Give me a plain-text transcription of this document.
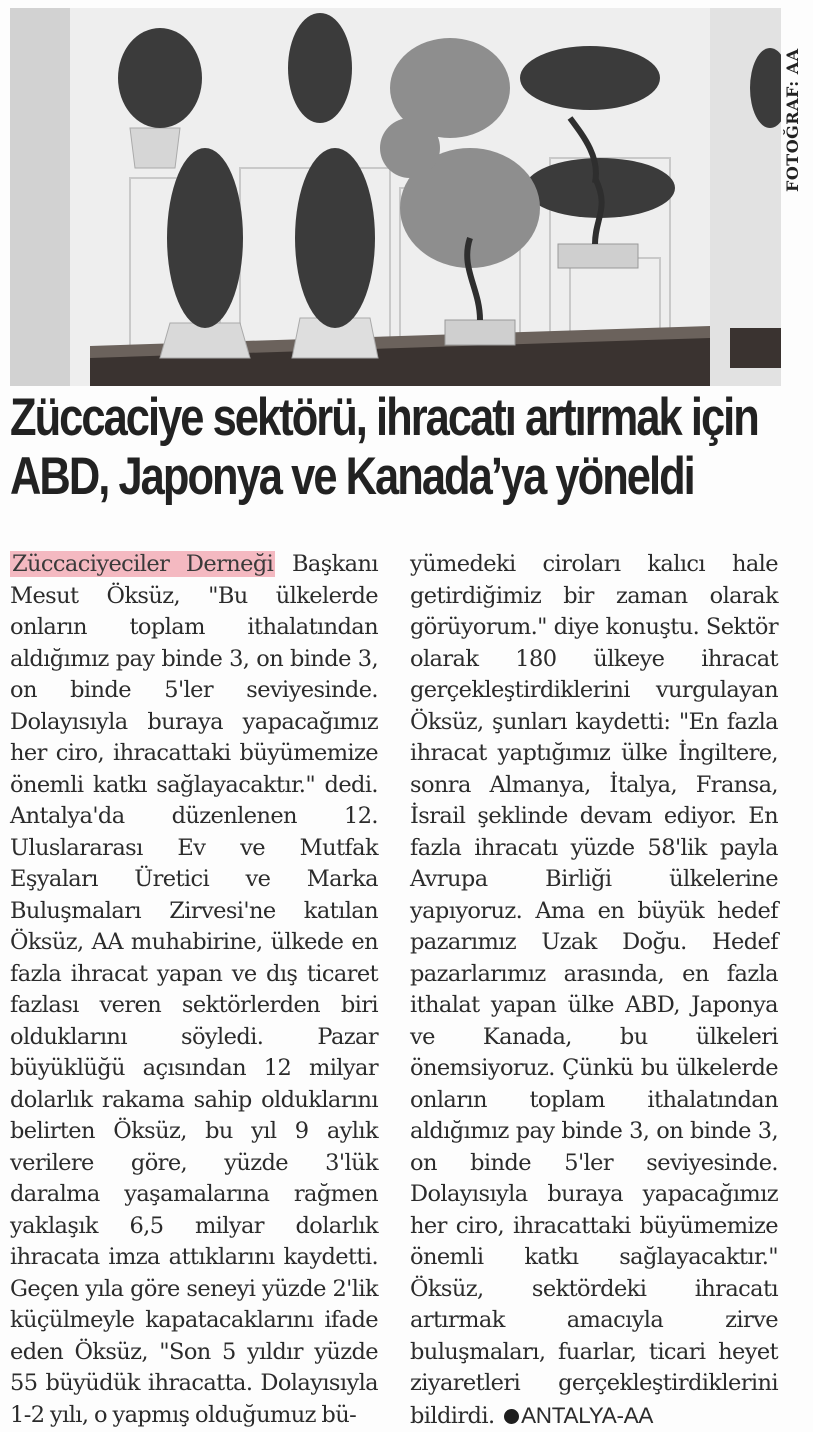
FOTOĞRAF: AA
Züccaciye sektörü, ihracatı artırmak için
ABD, Japonya ve Kanada’ya yöneldi

Züccaciyeciler Derneği Başkanı Mesut Öksüz, "Bu ülkelerde onların toplam ithalatından aldığımız pay binde 3, on binde 3, on binde 5'ler seviyesinde. Dolayısıyla buraya yapacağımız her ciro, ihracattaki büyümemize önemli katkı sağlayacaktır." dedi. Antalya'da düzenlenen 12. Uluslararası Ev ve Mutfak Eşyaları Üretici ve Marka Buluşmaları Zirvesi'ne katılan Öksüz, AA muhabirine, ülkede en fazla ihracat yapan ve dış ticaret fazlası veren sektörlerden biri olduklarını söyledi. Pazar büyüklüğü açısından 12 milyar dolarlık rakama sahip olduklarını belirten Öksüz, bu yıl 9 aylık verilere göre, yüzde 3'lük daralma yaşamalarına rağmen yaklaşık 6,5 milyar dolarlık ihracata imza attıklarını kaydetti. Geçen yıla göre seneyi yüzde 2'lik küçülmeyle kapatacaklarını ifade eden Öksüz, "Son 5 yıldır yüzde 55 büyüdük ihracatta. Dolayısıyla 1-2 yılı, o yapmış olduğumuz bü-

yümedeki ciroları kalıcı hale getirdiğimiz bir zaman olarak görüyorum." diye konuştu. Sektör olarak 180 ülkeye ihracat gerçekleştirdiklerini vurgulayan Öksüz, şunları kaydetti: "En fazla ihracat yaptığımız ülke İngiltere, sonra Almanya, İtalya, Fransa, İsrail şeklinde devam ediyor. En fazla ihracatı yüzde 58'lik payla Avrupa Birliği ülkelerine yapıyoruz. Ama en büyük hedef pazarımız Uzak Doğu. Hedef pazarlarımız arasında, en fazla ithalat yapan ülke ABD, Japonya ve Kanada, bu ülkeleri önemsiyoruz. Çünkü bu ülkelerde onların toplam ithalatından aldığımız pay binde 3, on binde 3, on binde 5'ler seviyesinde. Dolayısıyla buraya yapacağımız her ciro, ihracattaki büyümemize önemli katkı sağlayacaktır." Öksüz, sektördeki ihracatı artırmak amacıyla zirve buluşmaları, fuarlar, ticari heyet ziyaretleri gerçekleştirdiklerini bildirdi. ANTALYA-AA
